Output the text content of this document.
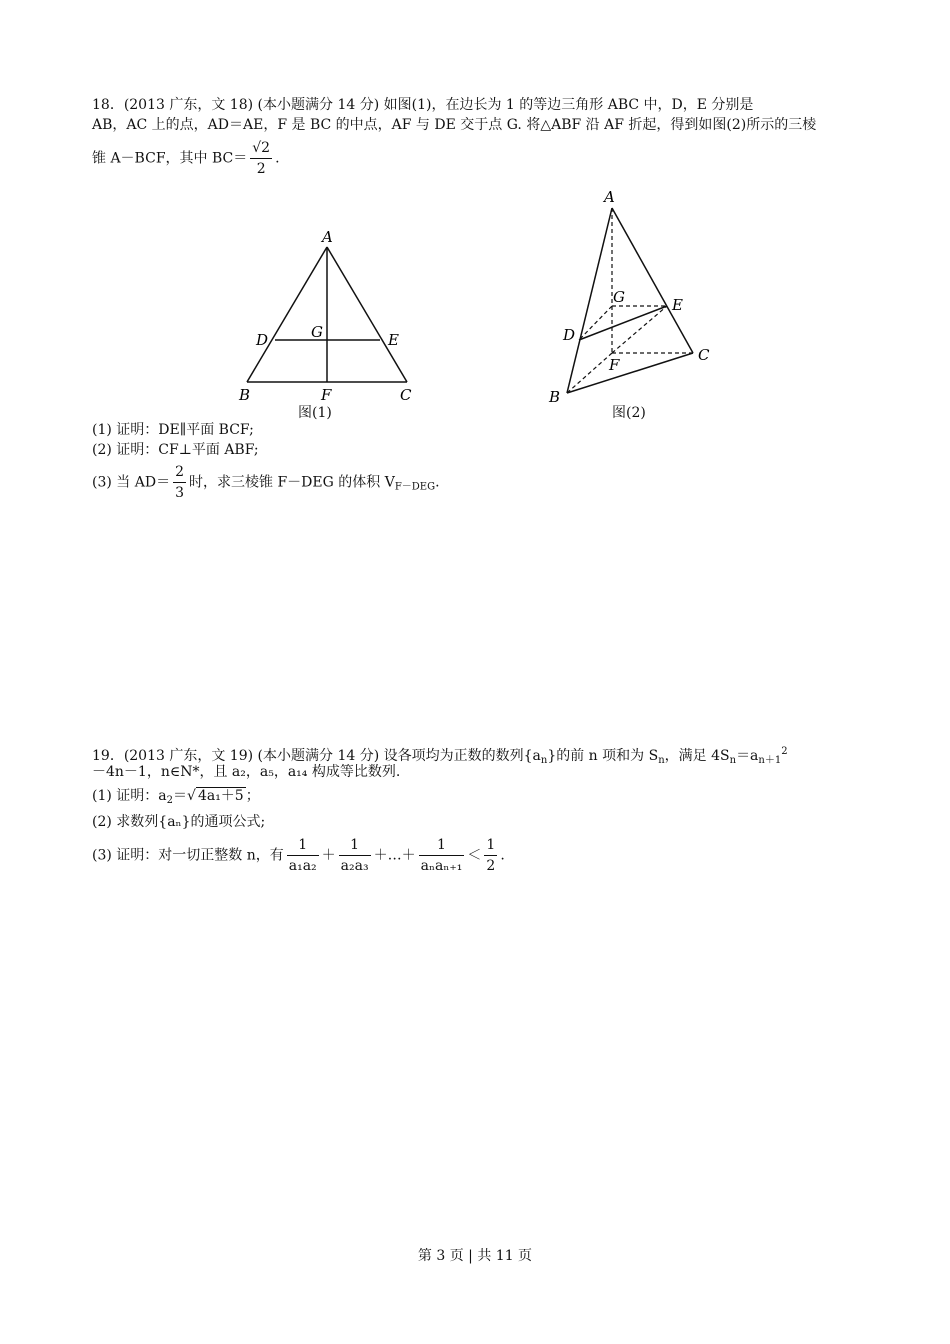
18．(2013 广东，文 18) (本小题满分 14 分) 如图(1)，在边长为 1 的等边三角形 ABC 中，D，E 分别是
AB，AC 上的点，AD＝AE，F 是 BC 的中点，AF 与 DE 交于点 G. 将△ABF 沿 AF 折起，得到如图(2)所示的三棱
锥 A－BCF，其中 $BC= \frac{√2}{2}$ .
A
D	G	E
B	F	C
图(1)
A
G	E
D
F
C
B
图(2)
(1) 证明：DE∥平面 BCF;
(2) 证明：CF⊥平面 ABF;
(3) 当 $AD= \frac{2}{3}$ 时，求三棱锥 F－DEG 的体积 $V_{F-DEG}$.
19．(2013 广东，文 19) (本小题满分 14 分) 设各项均为正数的数列$\{a_n\}$的前 n 项和为 $S_n$，满足 $4S_n=a_{n+1}^2$
－4n－1，n∈N*，且 a₂，a₅，a₁₄ 构成等比数列.
(1) 证明：$a_2=√$ 4a₁＋5 ；
(2) 求数列{aₙ}的通项公式;
(3) 证明：对一切正整数 n，有 $\frac{1}{\text{a₁a₂}} + \frac{1}{\text{a₂a₃}}$ ＋…＋ $\frac{1}{\text{aₙaₙ₊₁}} < \frac{1}{2}$ .
第 3 页 | 共 11 页
